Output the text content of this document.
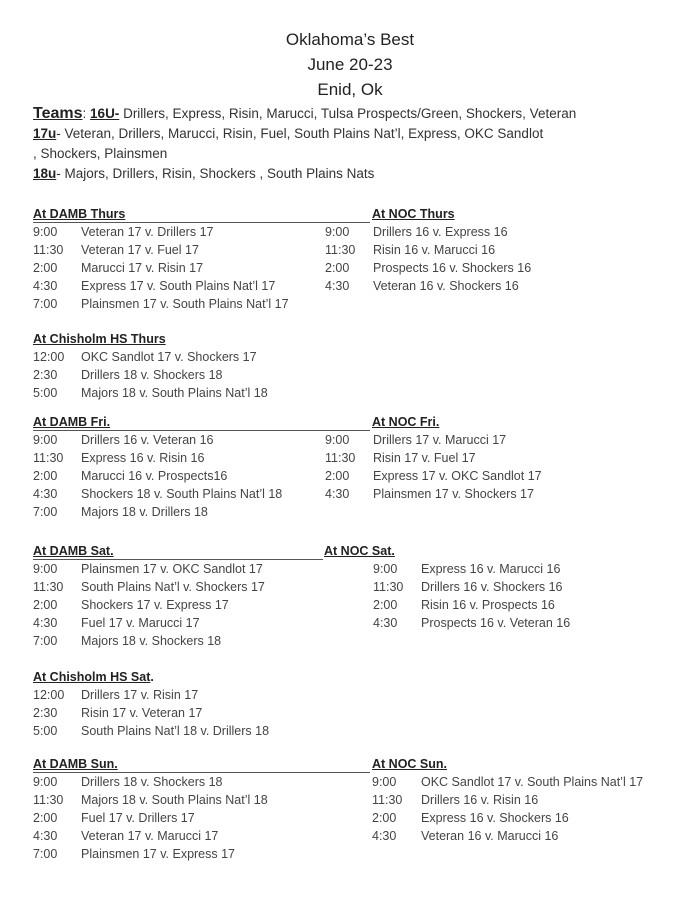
Oklahoma’s Best
June 20-23
Enid, Ok
Teams: 16U- Drillers, Express, Risin, Marucci, Tulsa Prospects/Green, Shockers, Veteran
17u- Veteran, Drillers, Marucci, Risin, Fuel, South Plains Nat’l, Express, OKC Sandlot
, Shockers, Plainsmen
18u- Majors, Drillers, Risin, Shockers , South Plains Nats
At DAMB Thurs
9:00 Veteran 17 v. Drillers 17
11:30 Veteran 17 v. Fuel 17
2:00 Marucci 17 v. Risin 17
4:30 Express 17 v. South Plains Nat’l 17
7:00 Plainsmen 17 v. South Plains Nat’l 17
At NOC Thurs
9:00 Drillers 16 v. Express 16
11:30 Risin 16 v. Marucci 16
2:00 Prospects 16 v. Shockers 16
4:30 Veteran 16 v. Shockers 16
At Chisholm HS Thurs
12:00 OKC Sandlot 17 v. Shockers 17
2:30 Drillers 18 v. Shockers 18
5:00 Majors 18 v. South Plains Nat’l 18
At DAMB Fri.
9:00 Drillers 16 v. Veteran 16
11:30 Express 16 v. Risin 16
2:00 Marucci 16 v. Prospects16
4:30 Shockers 18 v. South Plains Nat’l 18
7:00 Majors 18 v. Drillers 18
At NOC Fri.
9:00 Drillers 17 v. Marucci 17
11:30 Risin 17 v. Fuel 17
2:00 Express 17 v. OKC Sandlot 17
4:30 Plainsmen 17 v. Shockers 17
At DAMB Sat.
9:00 Plainsmen 17 v. OKC Sandlot 17
11:30 South Plains Nat’l v. Shockers 17
2:00 Shockers 17 v. Express 17
4:30 Fuel 17 v. Marucci 17
7:00 Majors 18 v. Shockers 18
At NOC Sat.
9:00 Express 16 v. Marucci 16
11:30 Drillers 16 v. Shockers 16
2:00 Risin 16 v. Prospects 16
4:30 Prospects 16 v. Veteran 16
At Chisholm HS Sat.
12:00 Drillers 17 v. Risin 17
2:30 Risin 17 v. Veteran 17
5:00 South Plains Nat’l 18 v. Drillers 18
At DAMB Sun.
9:00 Drillers 18 v. Shockers 18
11:30 Majors 18 v. South Plains Nat’l 18
2:00 Fuel 17 v. Drillers 17
4:30 Veteran 17 v. Marucci 17
7:00 Plainsmen 17 v. Express 17
At NOC Sun.
9:00 OKC Sandlot 17 v. South Plains Nat’l 17
11:30 Drillers 16 v. Risin 16
2:00 Express 16 v. Shockers 16
4:30 Veteran 16 v. Marucci 16
